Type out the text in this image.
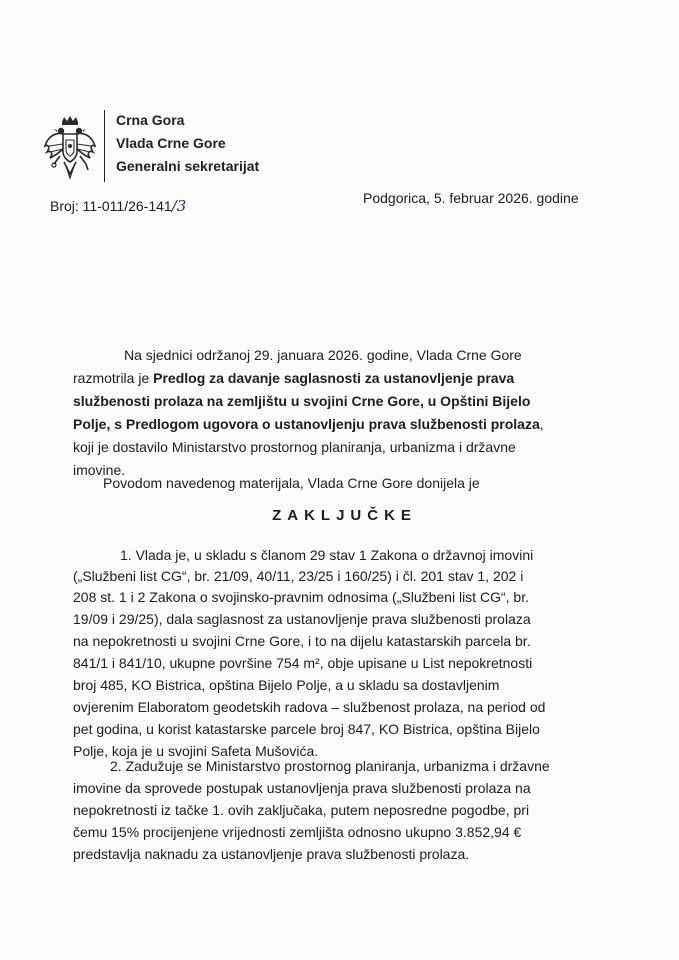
Crna Gora
Vlada Crne Gore
Generalni sekretarijat
Broj: 11-011/26-141/3	Podgorica, 5. februar 2026. godine
Na sjednici održanoj 29. januara 2026. godine, Vlada Crne Gore
razmotrila je Predlog za davanje saglasnosti za ustanovljenje prava
službenosti prolaza na zemljištu u svojini Crne Gore, u Opštini Bijelo
Polje, s Predlogom ugovora o ustanovljenju prava službenosti prolaza,
koji je dostavilo Ministarstvo prostornog planiranja, urbanizma i državne
imovine.
Povodom navedenog materijala, Vlada Crne Gore donijela je
ZAKLJUČKE
1. Vlada je, u skladu s članom 29 stav 1 Zakona o državnoj imovini
(„Službeni list CG“, br. 21/09, 40/11, 23/25 i 160/25) i čl. 201 stav 1, 202 i
208 st. 1 i 2 Zakona o svojinsko-pravnim odnosima („Službeni list CG“, br.
19/09 i 29/25), dala saglasnost za ustanovljenje prava službenosti prolaza
na nepokretnosti u svojini Crne Gore, i to na dijelu katastarskih parcela br.
841/1 i 841/10, ukupne površine 754 m², obje upisane u List nepokretnosti
broj 485, KO Bistrica, opština Bijelo Polje, a u skladu sa dostavljenim
ovjerenim Elaboratom geodetskih radova – službenost prolaza, na period od
pet godina, u korist katastarske parcele broj 847, KO Bistrica, opština Bijelo
Polje, koja je u svojini Safeta Mušovića.
2. Zadužuje se Ministarstvo prostornog planiranja, urbanizma i državne
imovine da sprovede postupak ustanovljenja prava službenosti prolaza na
nepokretnosti iz tačke 1. ovih zaključaka, putem neposredne pogodbe, pri
čemu 15% procijenjene vrijednosti zemljišta odnosno ukupno 3.852,94 €
predstavlja naknadu za ustanovljenje prava službenosti prolaza.
